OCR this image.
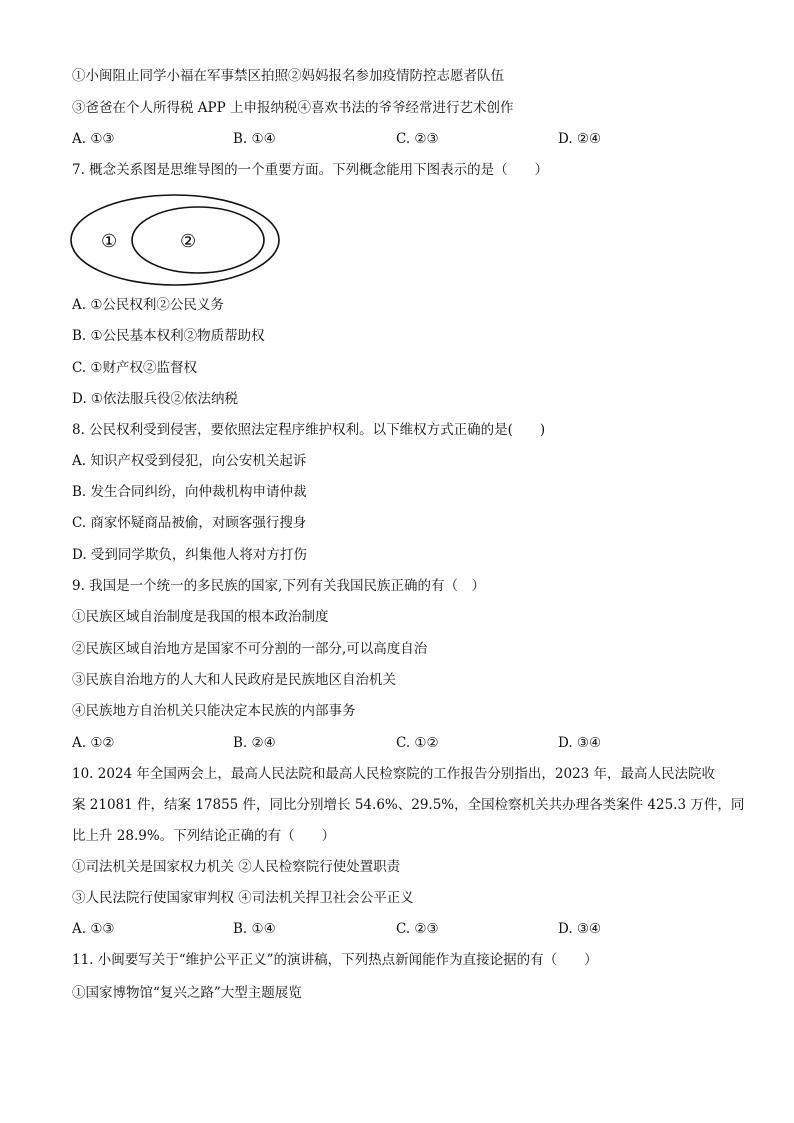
①小闽阻止同学小福在军事禁区拍照②妈妈报名参加疫情防控志愿者队伍
③爸爸在个人所得税 APP 上申报纳税④喜欢书法的爷爷经常进行艺术创作
A. ①③	B. ①④	C. ②③	D. ②④
7. 概念关系图是思维导图的一个重要方面。下列概念能用下图表示的是（　　）
①	②
A. ①公民权利②公民义务
B. ①公民基本权利②物质帮助权
C. ①财产权②监督权
D. ①依法服兵役②依法纳税
8. 公民权利受到侵害，要依照法定程序维护权利。以下维权方式正确的是(　　)
A. 知识产权受到侵犯，向公安机关起诉
B. 发生合同纠纷，向仲裁机构申请仲裁
C. 商家怀疑商品被偷，对顾客强行搜身
D. 受到同学欺负，纠集他人将对方打伤
9. 我国是一个统一的多民族的国家,下列有关我国民族正确的有（　）
①民族区域自治制度是我国的根本政治制度
②民族区域自治地方是国家不可分割的一部分,可以高度自治
③民族自治地方的人大和人民政府是民族地区自治机关
④民族地方自治机关只能决定本民族的内部事务
A. ①②	B. ②④	C. ①②	D. ③④
10. 2024 年全国两会上，最高人民法院和最高人民检察院的工作报告分别指出，2023 年，最高人民法院收
案 21081 件，结案 17855 件，同比分别增长 54.6%、29.5%，全国检察机关共办理各类案件 425.3 万件，同
比上升 28.9%。下列结论正确的有（　　）
①司法机关是国家权力机关 ②人民检察院行使处置职责
③人民法院行使国家审判权 ④司法机关捍卫社会公平正义
A. ①③	B. ①④	C. ②③	D. ③④
11. 小闽要写关于“维护公平正义”的演讲稿，下列热点新闻能作为直接论据的有（　　）
①国家博物馆“复兴之路”大型主题展览
